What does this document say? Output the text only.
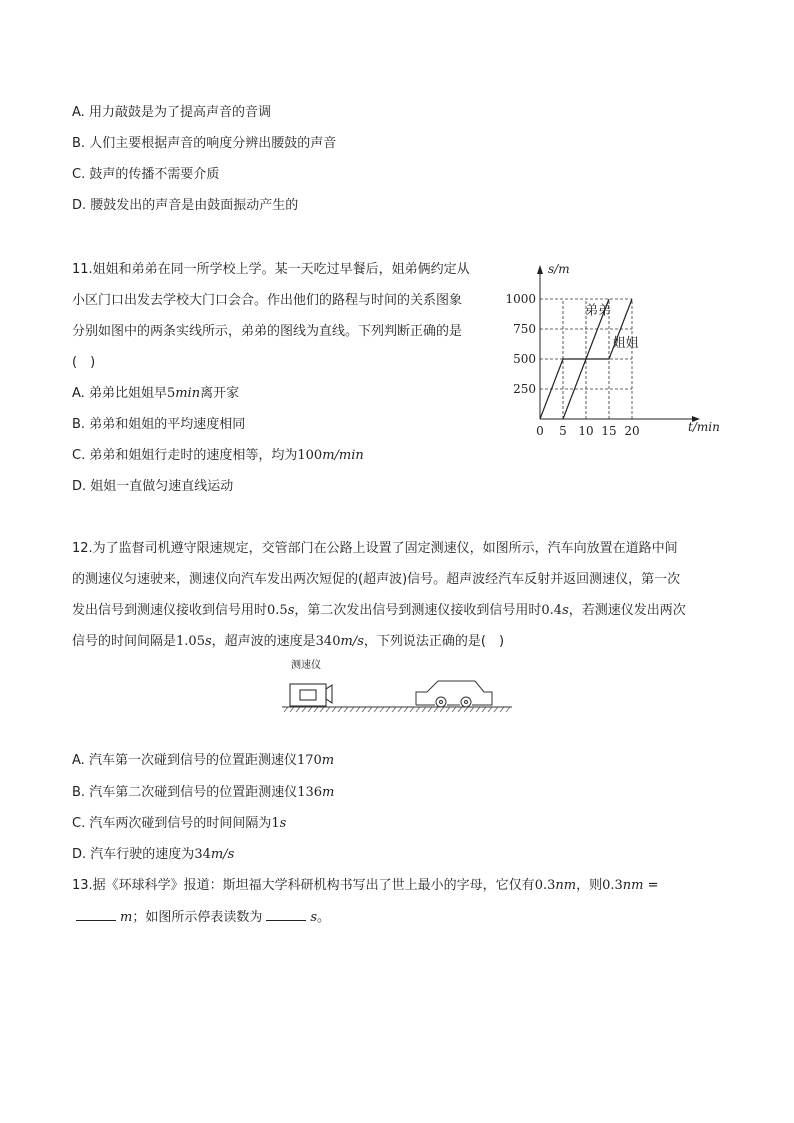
A. 用力敲鼓是为了提高声音的音调
B. 人们主要根据声音的响度分辨出腰鼓的声音
C. 鼓声的传播不需要介质
D. 腰鼓发出的声音是由鼓面振动产生的
11.姐姐和弟弟在同一所学校上学。某一天吃过早餐后，姐弟俩约定从
小区门口出发去学校大门口会合。作出他们的路程与时间的关系图象
分别如图中的两条实线所示，弟弟的图线为直线。下列判断正确的是
(　)
A. 弟弟比姐姐早5min离开家
B. 弟弟和姐姐的平均速度相同
C. 弟弟和姐姐行走时的速度相等，均为100m/min
D. 姐姐一直做匀速直线运动
0 5 10 15 20
250
500
750
1000
s/m
t/min
弟弟
姐姐
12.为了监督司机遵守限速规定，交管部门在公路上设置了固定测速仪，如图所示，汽车向放置在道路中间
的测速仪匀速驶来，测速仪向汽车发出两次短促的(超声波)信号。超声波经汽车反射并返回测速仪，第一次
发出信号到测速仪接收到信号用时0.5s，第二次发出信号到测速仪接收到信号用时0.4s，若测速仪发出两次
信号的时间间隔是1.05s，超声波的速度是340m/s，下列说法正确的是(　)
测速仪
A. 汽车第一次碰到信号的位置距测速仪170m
B. 汽车第二次碰到信号的位置距测速仪136m
C. 汽车两次碰到信号的时间间隔为1s
D. 汽车行驶的速度为34m/s
13.据《环球科学》报道：斯坦福大学科研机构书写出了世上最小的字母，它仅有0.3nm，则0.3nm =
m；如图所示停表读数为	s。
